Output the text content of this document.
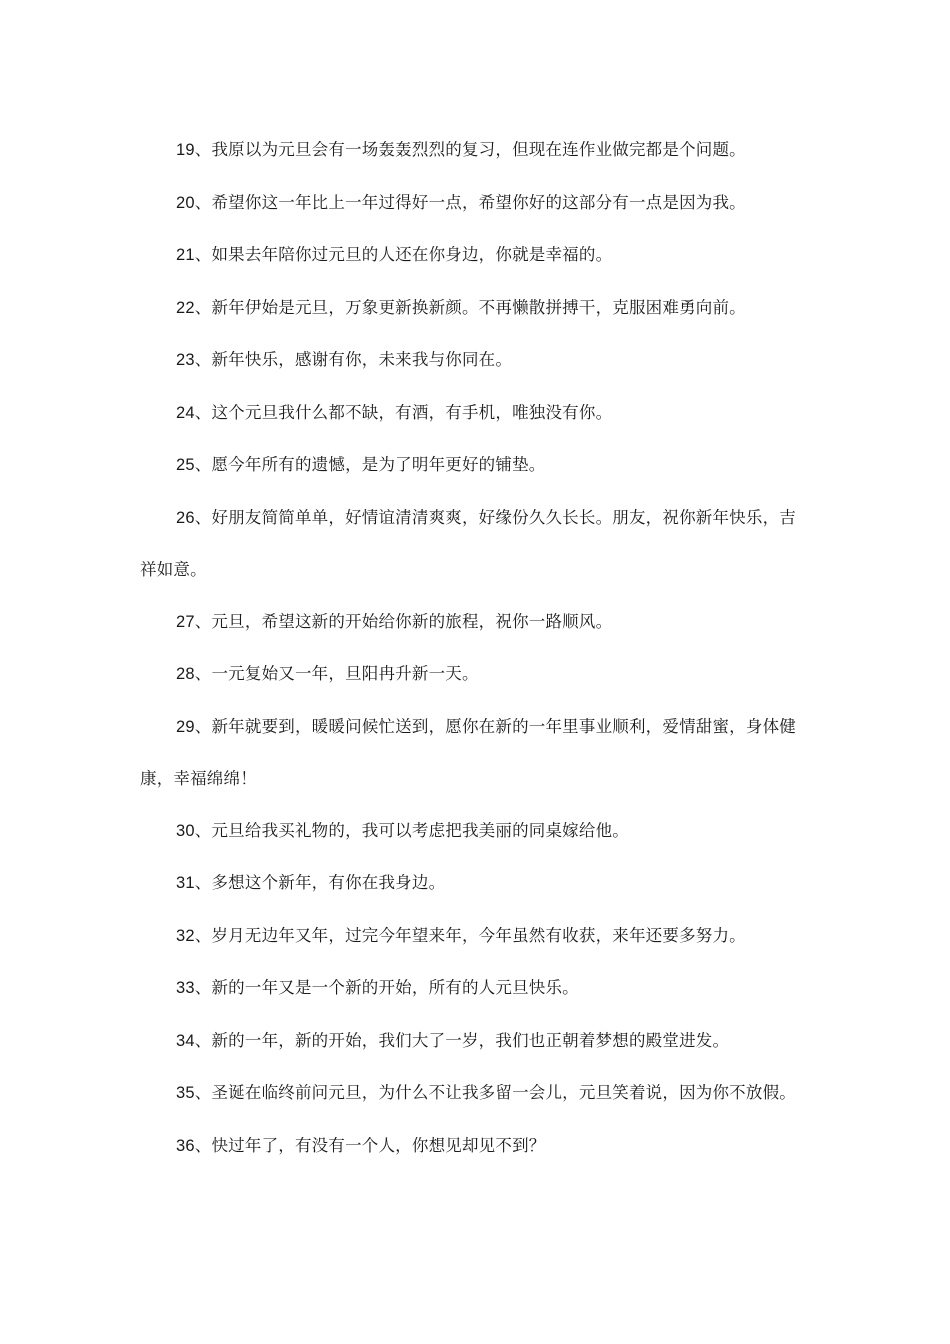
19、我原以为元旦会有一场轰轰烈烈的复习，但现在连作业做完都是个问题。

20、希望你这一年比上一年过得好一点，希望你好的这部分有一点是因为我。

21、如果去年陪你过元旦的人还在你身边，你就是幸福的。

22、新年伊始是元旦，万象更新换新颜。不再懒散拼搏干，克服困难勇向前。

23、新年快乐，感谢有你，未来我与你同在。

24、这个元旦我什么都不缺，有酒，有手机，唯独没有你。

25、愿今年所有的遗憾，是为了明年更好的铺垫。

26、好朋友简简单单，好情谊清清爽爽，好缘份久久长长。朋友，祝你新年快乐，吉祥如意。

27、元旦，希望这新的开始给你新的旅程，祝你一路顺风。

28、一元复始又一年，旦阳冉升新一天。

29、新年就要到，暖暖问候忙送到，愿你在新的一年里事业顺利，爱情甜蜜，身体健康，幸福绵绵！

30、元旦给我买礼物的，我可以考虑把我美丽的同桌嫁给他。

31、多想这个新年，有你在我身边。

32、岁月无边年又年，过完今年望来年，今年虽然有收获，来年还要多努力。

33、新的一年又是一个新的开始，所有的人元旦快乐。

34、新的一年，新的开始，我们大了一岁，我们也正朝着梦想的殿堂进发。

35、圣诞在临终前问元旦，为什么不让我多留一会儿，元旦笑着说，因为你不放假。

36、快过年了，有没有一个人，你想见却见不到？
